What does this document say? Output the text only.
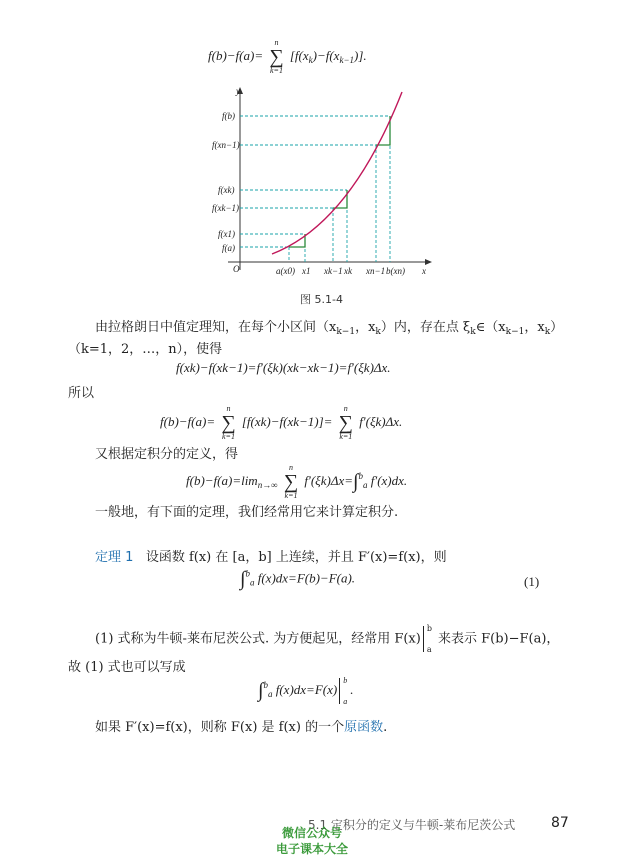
f(b)−f(a)=
n
∑
k=1
$[f(x_k)-f(x_{k-1})]$.
f(b)
f(xn−1)
f(xk)
f(xk−1)
f(x1)
f(a)
y
x
O	a(x0) x1 xk−1 xk xn−1 b(xn)
图 5.1-4
由拉格朗日中值定理知，在每个小区间（$x_{k-1}$，$x_k$）内，存在点 $\xi_k\in(x_{k-1}$，$x_k$）
（k=1，2，…，n），使得
f(xk)−f(xk−1)=f′(ξk)(xk−xk−1)=f′(ξk)Δx.
所以
f(b)−f(a)=
n
∑
k=1
[f(xk)−f(xk−1)]=
n
∑
k=1
f′(ξk)Δx.
又根据定积分的定义，得
$f(b)-f(a)=\lim_{n\to\infty}$
n
∑
k=1
f′(ξk)Δx=∫$^b_a$ f′(x)dx.
一般地，有下面的定理，我们经常用它来计算定积分.
定理 1 设函数 f(x) 在 [a，b] 上连续，并且 F′(x)=f(x)，则
∫$^b_a$ f(x)dx=F(b)−F(a).	(1)
(1) 式称为牛顿-莱布尼茨公式. 为方便起见，经常用 F(x)
b
a
来表示 F(b)−F(a)，
故 (1) 式也可以写成
∫$^b_a$ f(x)dx=F(x)
b
a
.
如果 F′(x)=f(x)，则称 F(x) 是 f(x) 的一个原函数.
5.1 定积分的定义与牛顿-莱布尼茨公式	87
微信公众号
电子课本大全
